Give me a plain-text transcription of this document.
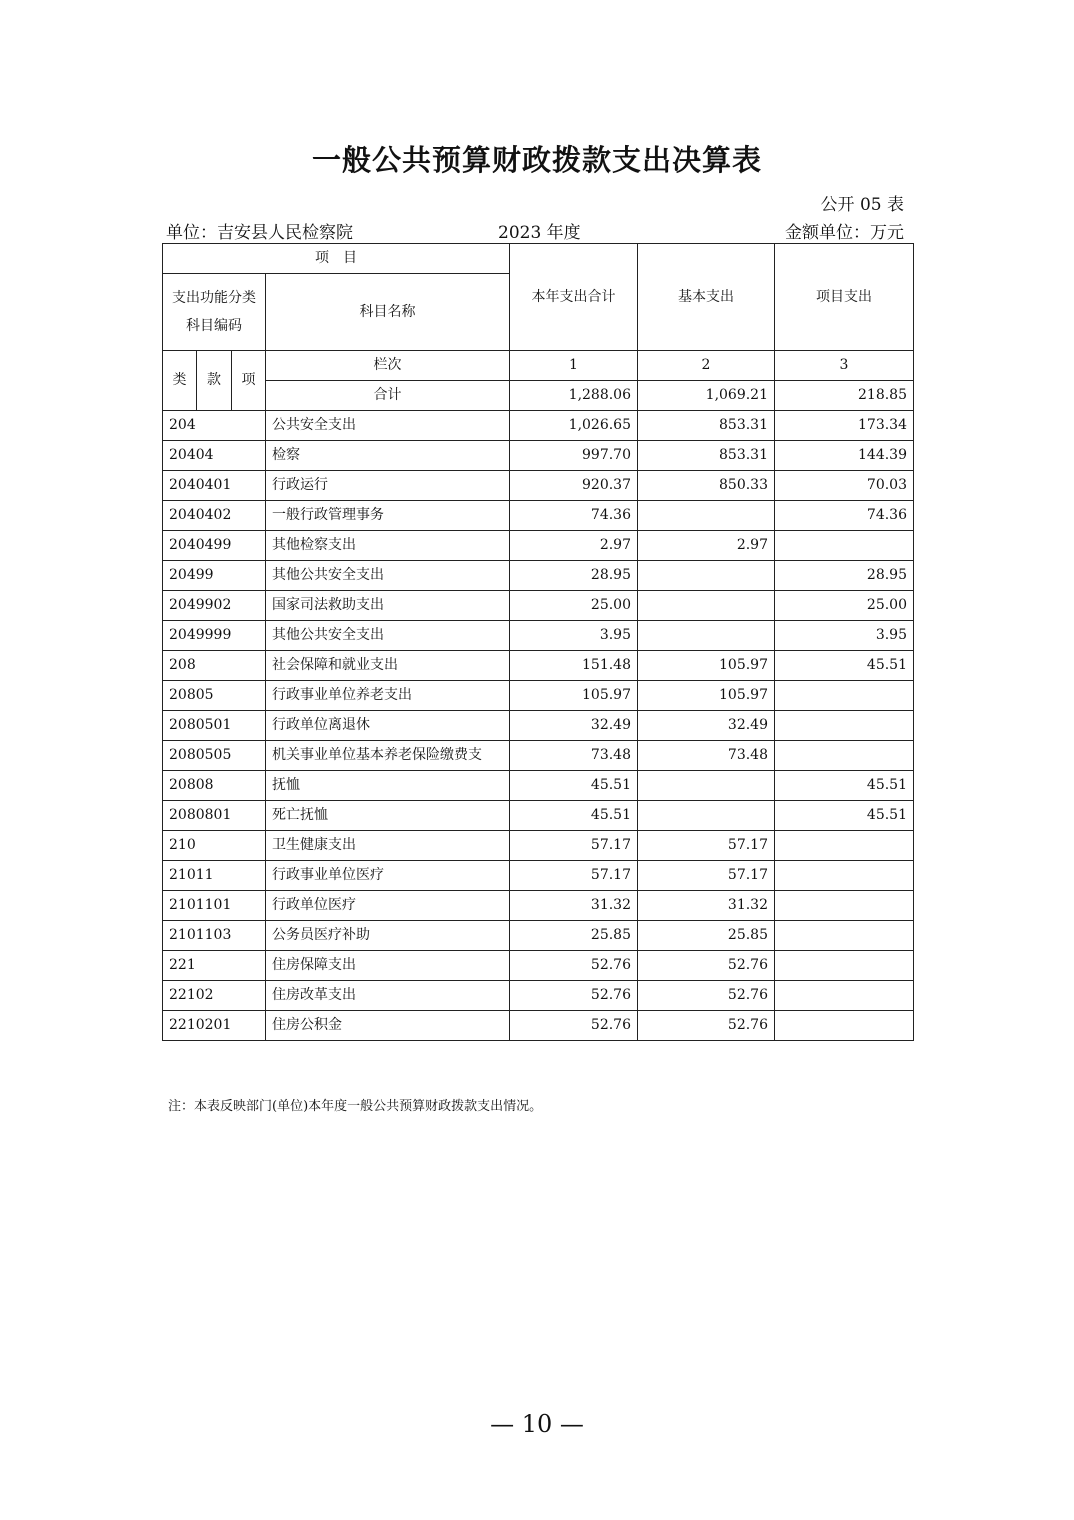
一般公共预算财政拨款支出决算表
公开 05 表
单位：吉安县人民检察院	2023 年度	金额单位：万元
项　目				本年支出合计	基本支出	项目支出
支出功能分类科目编码			科目名称			
类	款	项	栏次	1	2	3
			合计	1,288.06	1,069.21	218.85
204			公共安全支出	1,026.65	853.31	173.34
20404			检察	997.70	853.31	144.39
2040401			行政运行	920.37	850.33	70.03
2040402			一般行政管理事务	74.36		74.36
2040499			其他检察支出	2.97	2.97	
20499			其他公共安全支出	28.95		28.95
2049902			国家司法救助支出	25.00		25.00
2049999			其他公共安全支出	3.95		3.95
208			社会保障和就业支出	151.48	105.97	45.51
20805			行政事业单位养老支出	105.97	105.97	
2080501			行政单位离退休	32.49	32.49	
2080505			机关事业单位基本养老保险缴费支	73.48	73.48	
20808			抚恤	45.51		45.51
2080801			死亡抚恤	45.51		45.51
210			卫生健康支出	57.17	57.17	
21011			行政事业单位医疗	57.17	57.17	
2101101			行政单位医疗	31.32	31.32	
2101103			公务员医疗补助	25.85	25.85	
221			住房保障支出	52.76	52.76	
22102			住房改革支出	52.76	52.76	
2210201			住房公积金	52.76	52.76	
注：本表反映部门(单位)本年度一般公共预算财政拨款支出情况。
— 10 —
